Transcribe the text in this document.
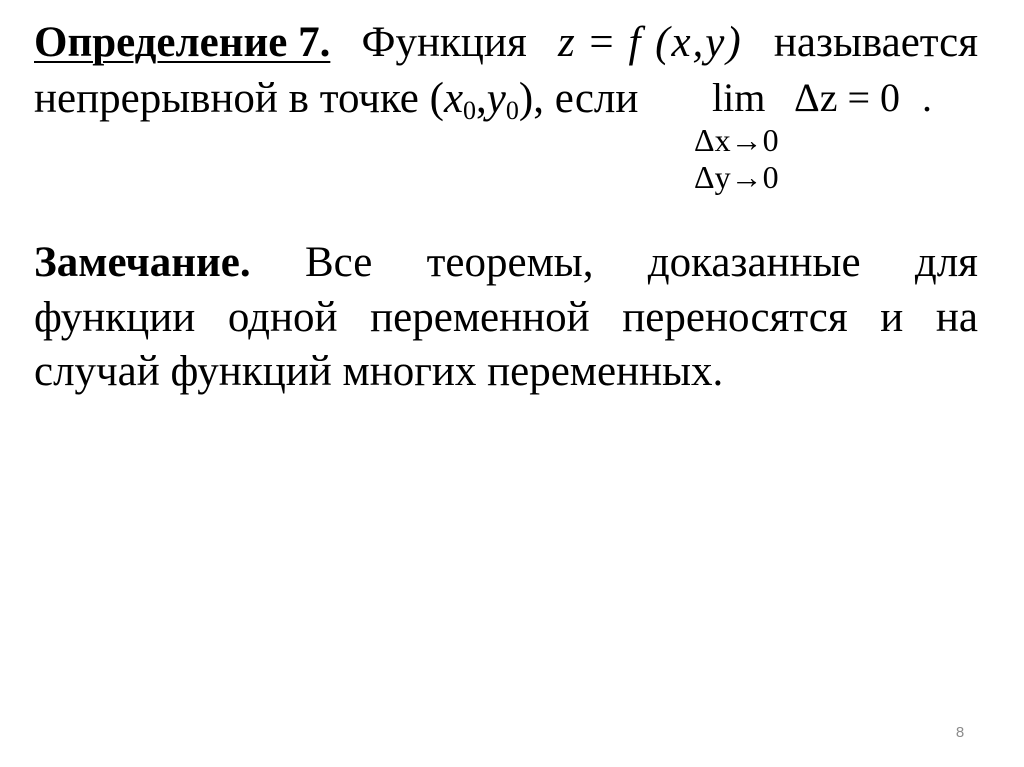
Определение 7. Функция z = f (x,y) называется
непрерывной в точке $(x_0,y_0)$, если lim Δz = 0 .
Δx→0
Δy→0
Замечание. Все теоремы, доказанные для
функции одной переменной переносятся и на
случай функций многих переменных.
8
